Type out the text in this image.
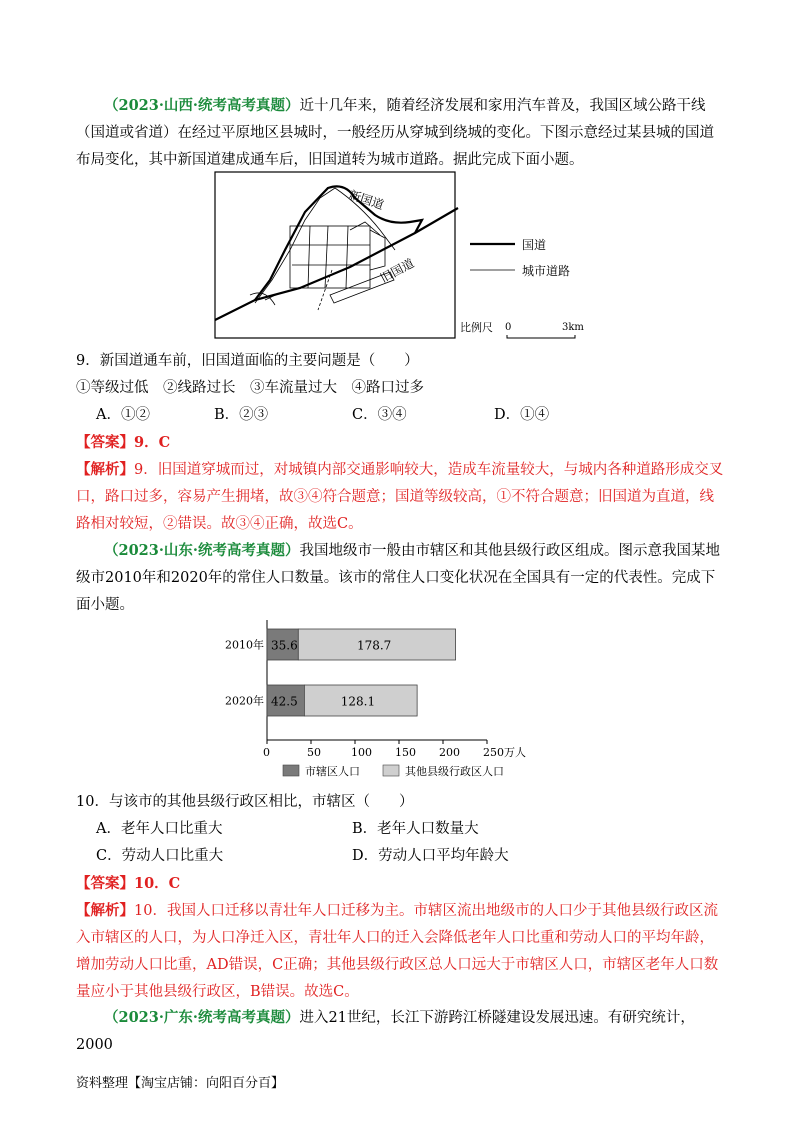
（2023·山西·统考高考真题）近十几年来，随着经济发展和家用汽车普及，我国区域公路干线（国道或省道）在经过平原地区县城时，一般经历从穿城到绕城的变化。下图示意经过某县城的国道布局变化，其中新国道建成通车后，旧国道转为城市道路。据此完成下面小题。
新国道
旧国道
国道
城市道路
比例尺 0	3km
9．新国道通车前，旧国道面临的主要问题是（　　）
①等级过低　②线路过长　③车流量过大　④路口过多
A．①②	B．②③	C．③④	D．①④
【答案】9．C
【解析】9．旧国道穿城而过，对城镇内部交通影响较大，造成车流量较大，与城内各种道路形成交叉口，路口过多，容易产生拥堵，故③④符合题意；国道等级较高，①不符合题意；旧国道为直道，线路相对较短，②错误。故③④正确，故选C。
（2023·山东·统考高考真题）我国地级市一般由市辖区和其他县级行政区组成。图示意我国某地级市2010年和2020年的常住人口数量。该市的常住人口变化状况在全国具有一定的代表性。完成下面小题。
0	50	100 150 200 250万人
2010年 35.6	178.7
2020年 42.5	128.1
市辖区人口	其他县级行政区人口
10．与该市的其他县级行政区相比，市辖区（　　）
A．老年人口比重大	B．老年人口数量大
C．劳动人口比重大	D．劳动人口平均年龄大
【答案】10．C
【解析】10．我国人口迁移以青壮年人口迁移为主。市辖区流出地级市的人口少于其他县级行政区流入市辖区的人口，为人口净迁入区，青壮年人口的迁入会降低老年人口比重和劳动人口的平均年龄，增加劳动人口比重，AD错误，C正确；其他县级行政区总人口远大于市辖区人口，市辖区老年人口数量应小于其他县级行政区，B错误。故选C。
（2023·广东·统考高考真题）进入21世纪，长江下游跨江桥隧建设发展迅速。有研究统计，2000
资料整理【淘宝店铺：向阳百分百】
